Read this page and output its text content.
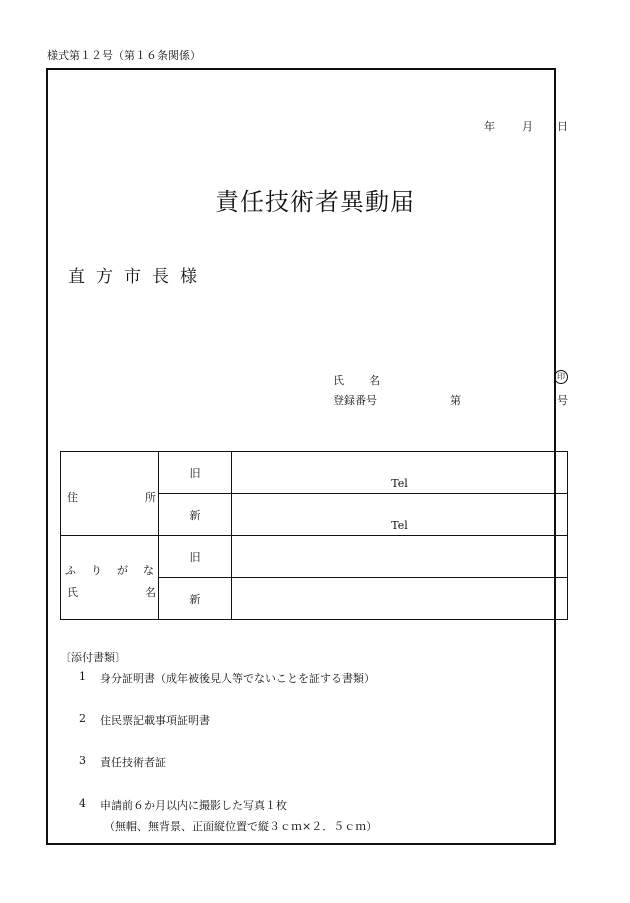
様式第１２号（第１６条関係）
年 月 日
責任技術者異動届
直方市長様
氏 名	印
登録番号	第	号
住 所	旧	Tel
	新	Tel

ふ　り　が　な
氏 名	旧	
	新	
〔添付書類〕
1 身分証明書（成年被後見人等でないことを証する書類）
2 住民票記載事項証明書
3 責任技術者証
4 申請前６か月以内に撮影した写真１枚
（無帽、無背景、正面縦位置で縦３ｃｍ×２．５ｃｍ）
